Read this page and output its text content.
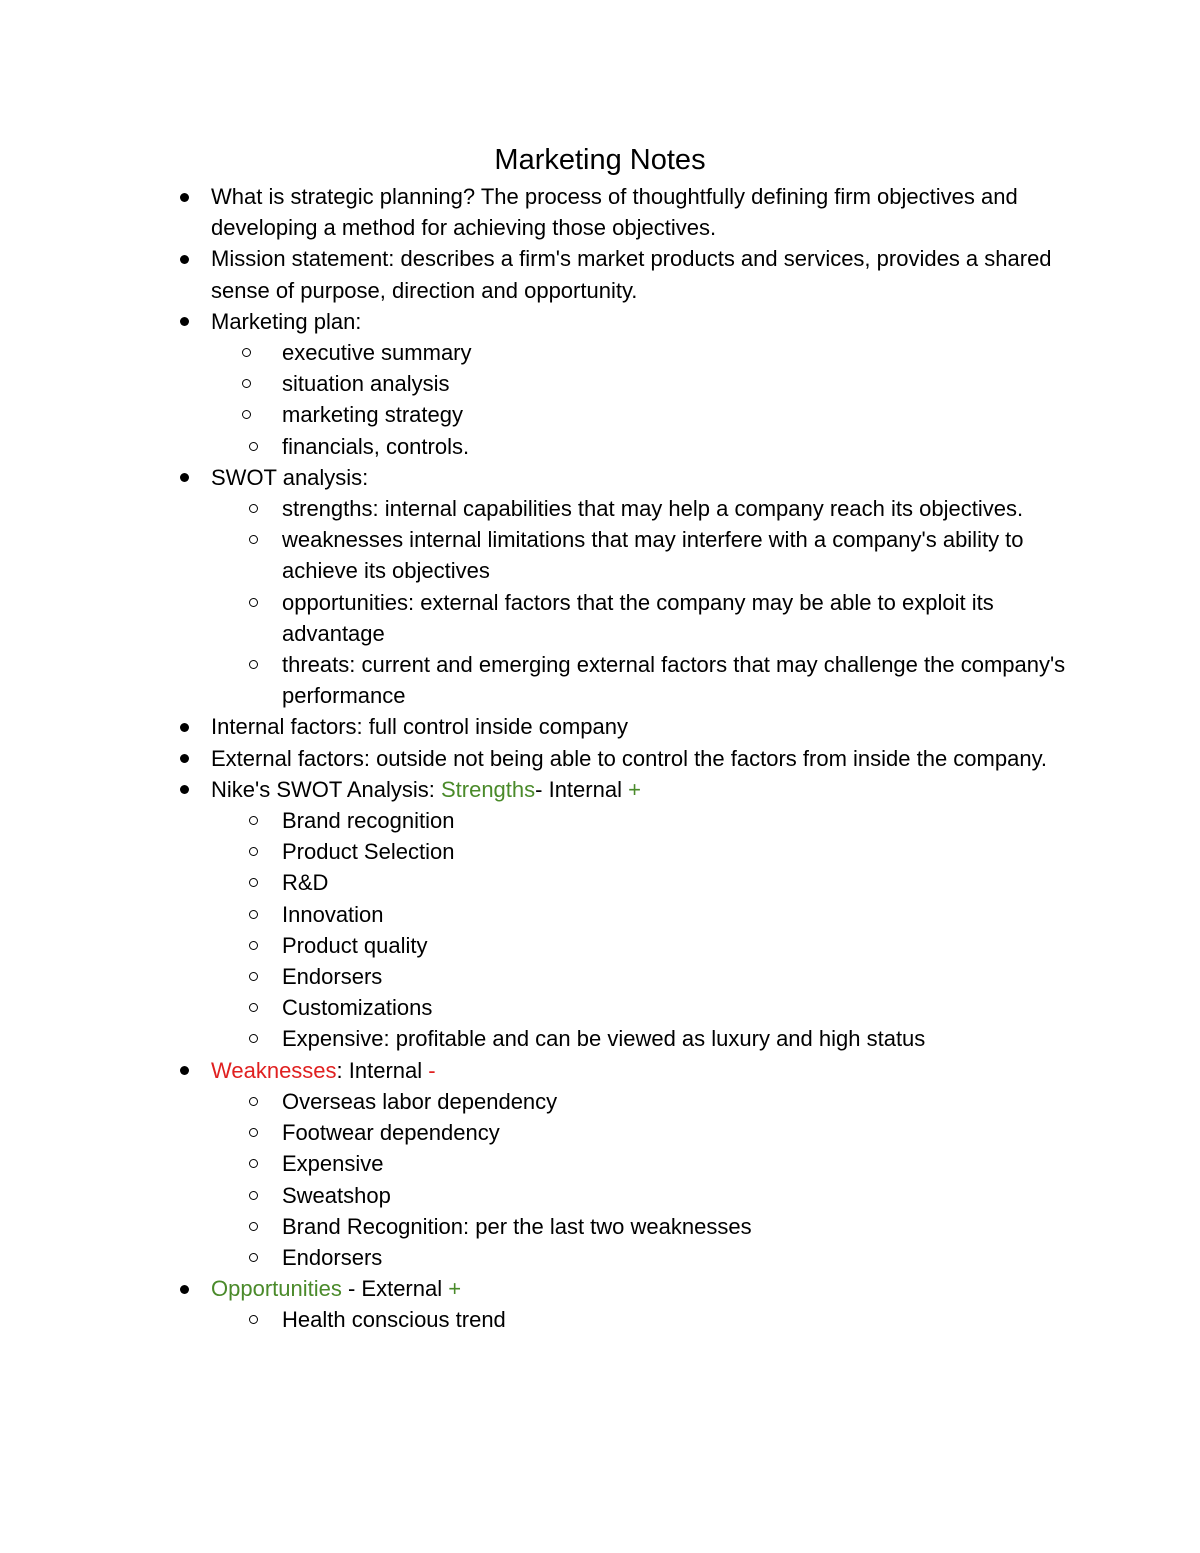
Marketing Notes
What is strategic planning? The process of thoughtfully defining firm objectives and developing a method for achieving those objectives.
Mission statement: describes a firm's market products and services, provides a shared sense of purpose, direction and opportunity.
Marketing plan:
executive summary
situation analysis
marketing strategy
financials, controls.
SWOT analysis:
strengths: internal capabilities that may help a company reach its objectives.
weaknesses internal limitations that may interfere with a company's ability to achieve its objectives
opportunities: external factors that the company may be able to exploit its advantage
threats: current and emerging external factors that may challenge the company's performance
Internal factors: full control inside company
External factors: outside not being able to control the factors from inside the company.
Nike's SWOT Analysis: Strengths- Internal +
Brand recognition
Product Selection
R&D
Innovation
Product quality
Endorsers
Customizations
Expensive: profitable and can be viewed as luxury and high status
Weaknesses: Internal -
Overseas labor dependency
Footwear dependency
Expensive
Sweatshop
Brand Recognition: per the last two weaknesses
Endorsers
Opportunities - External +
Health conscious trend
